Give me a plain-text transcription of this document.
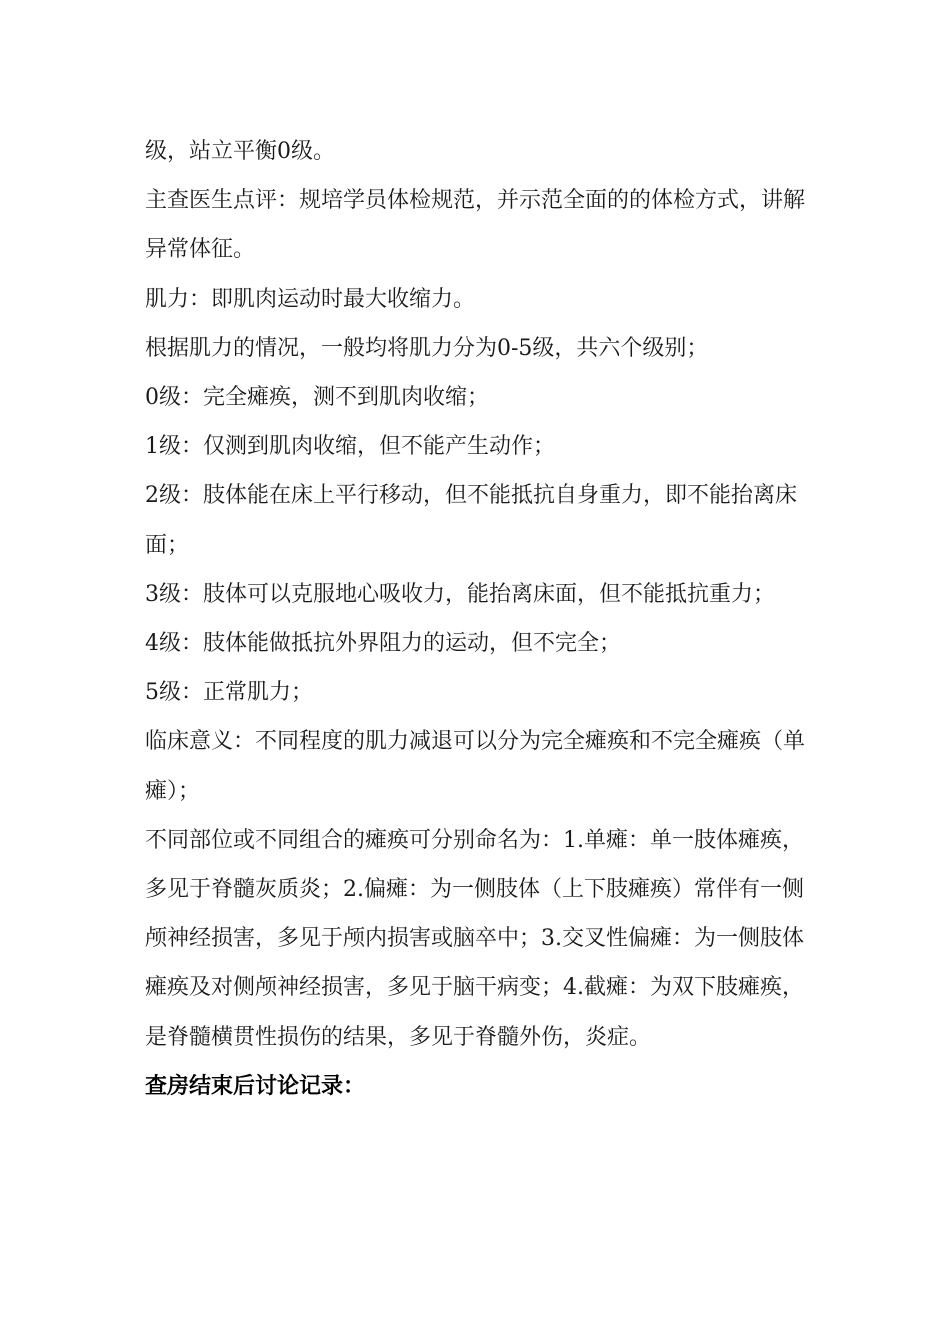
级，站立平衡0级。

主查医生点评：规培学员体检规范，并示范全面的的体检方式，讲解异常体征。

肌力：即肌肉运动时最大收缩力。

根据肌力的情况，一般均将肌力分为0-5级，共六个级别；

0级：完全瘫痪，测不到肌肉收缩；

1级：仅测到肌肉收缩，但不能产生动作；

2级：肢体能在床上平行移动，但不能抵抗自身重力，即不能抬离床面；

3级：肢体可以克服地心吸收力，能抬离床面，但不能抵抗重力；

4级：肢体能做抵抗外界阻力的运动，但不完全；

5级：正常肌力；

临床意义：不同程度的肌力减退可以分为完全瘫痪和不完全瘫痪（单瘫）；

不同部位或不同组合的瘫痪可分别命名为：1.单瘫：单一肢体瘫痪，多见于脊髓灰质炎；2.偏瘫：为一侧肢体（上下肢瘫痪）常伴有一侧颅神经损害，多见于颅内损害或脑卒中；3.交叉性偏瘫：为一侧肢体瘫痪及对侧颅神经损害，多见于脑干病变；4.截瘫：为双下肢瘫痪，是脊髓横贯性损伤的结果，多见于脊髓外伤，炎症。

查房结束后讨论记录：
